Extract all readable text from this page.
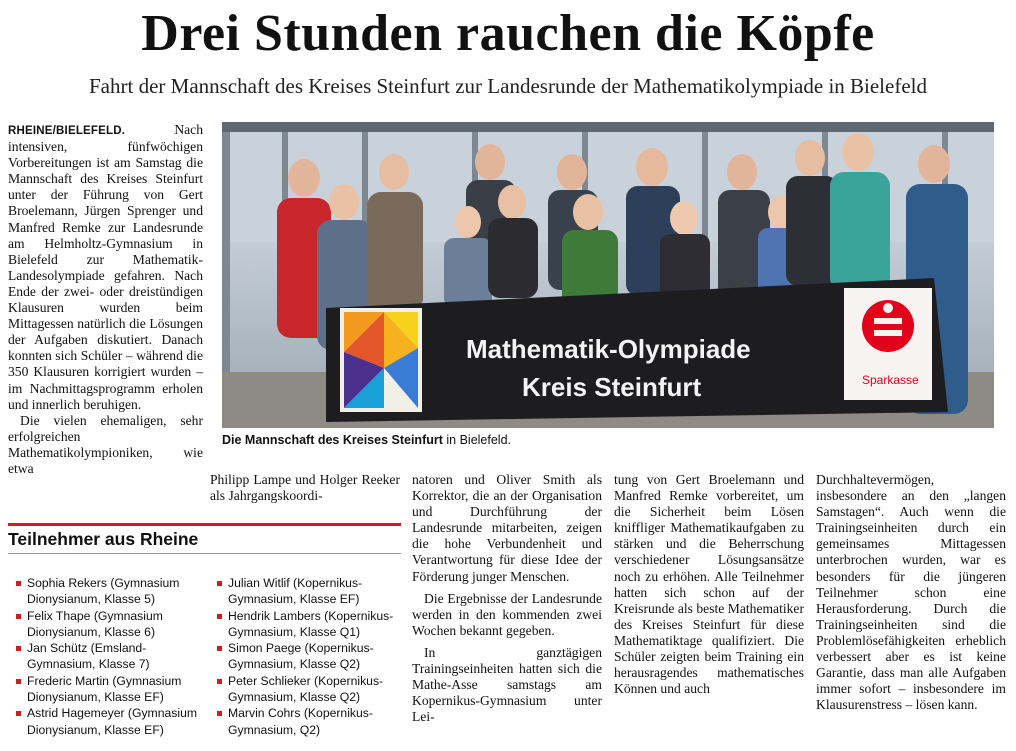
Drei Stunden rauchen die Köpfe
Fahrt der Mannschaft des Kreises Steinfurt zur Landesrunde der Mathematikolympiade in Bielefeld

RHEINE/BIELEFELD.	Nach intensiven, fünfwöchigen Vorbereitungen ist am Samstag die Mannschaft des Kreises Steinfurt unter der Führung von Gert Broelemann, Jürgen Sprenger und Manfred Remke zur Landesrunde am Helmholtz-Gymnasium in Bielefeld zur Mathematik-Landesolympiade gefahren. Nach Ende der zwei- oder dreistündigen Klausuren wurden beim Mittagessen natürlich die Lösungen der Aufgaben diskutiert. Danach konnten sich Schüler – während die 350 Klausuren korrigiert wurden – im Nachmittagsprogramm erholen und innerlich beruhigen.

Die vielen ehemaligen, sehr erfolgreichen Mathematikolympioniken, wie etwa

Mathematik-Olympiade
Kreis Steinfurt	Sparkasse
Die Mannschaft des Kreises Steinfurt in Bielefeld.

Philipp Lampe und Holger Reeker als Jahrgangskoordi-

natoren und Oliver Smith als Korrektor, die an der Organisation und Durchführung der Landesrunde mitarbeiten, zeigen die hohe Verbundenheit und Verantwortung für diese Idee der Förderung junger Menschen.

Die Ergebnisse der Landesrunde werden in den kommenden zwei Wochen bekannt gegeben.

In ganztägigen Trainingseinheiten hatten sich die Mathe-Asse samstags am Kopernikus-Gymnasium unter Lei-

tung von Gert Broelemann und Manfred Remke vorbereitet, um die Sicherheit beim Lösen kniffliger Mathematikaufgaben zu stärken und die Beherrschung verschiedener Lösungsansätze noch zu erhöhen. Alle Teilnehmer hatten sich schon auf der Kreisrunde als beste Mathematiker des Kreises Steinfurt für diese Mathematiktage qualifiziert. Die Schüler zeigten beim Training ein herausragendes mathematisches Können und auch

Durchhaltevermögen, insbesondere an den „langen Samstagen“. Auch wenn die Trainingseinheiten durch ein gemeinsames Mittagessen unterbrochen wurden, war es besonders für die jüngeren Teilnehmer schon eine Herausforderung. Durch die Trainingseinheiten sind die Problemlösefähigkeiten erheblich verbessert aber es ist keine Garantie, dass man alle Aufgaben immer sofort – insbesondere im Klausurenstress – lösen kann.

Teilnehmer aus Rheine
Sophia Rekers (Gymnasium Dionysianum, Klasse 5)
Felix Thape (Gymnasium Dionysianum, Klasse 6)
Jan Schütz (Emsland-Gymnasium, Klasse 7)
Frederic Martin (Gymnasium Dionysianum, Klasse EF)
Astrid Hagemeyer (Gymnasium Dionysianum, Klasse EF)
Julian Witlif (Kopernikus-Gymnasium, Klasse EF)
Hendrik Lambers (Kopernikus-Gymnasium, Klasse Q1)
Simon Paege (Kopernikus-Gymnasium, Klasse Q2)
Peter Schlieker (Kopernikus-Gymnasium, Klasse Q2)
Marvin Cohrs (Kopernikus-Gymnasium, Q2)
